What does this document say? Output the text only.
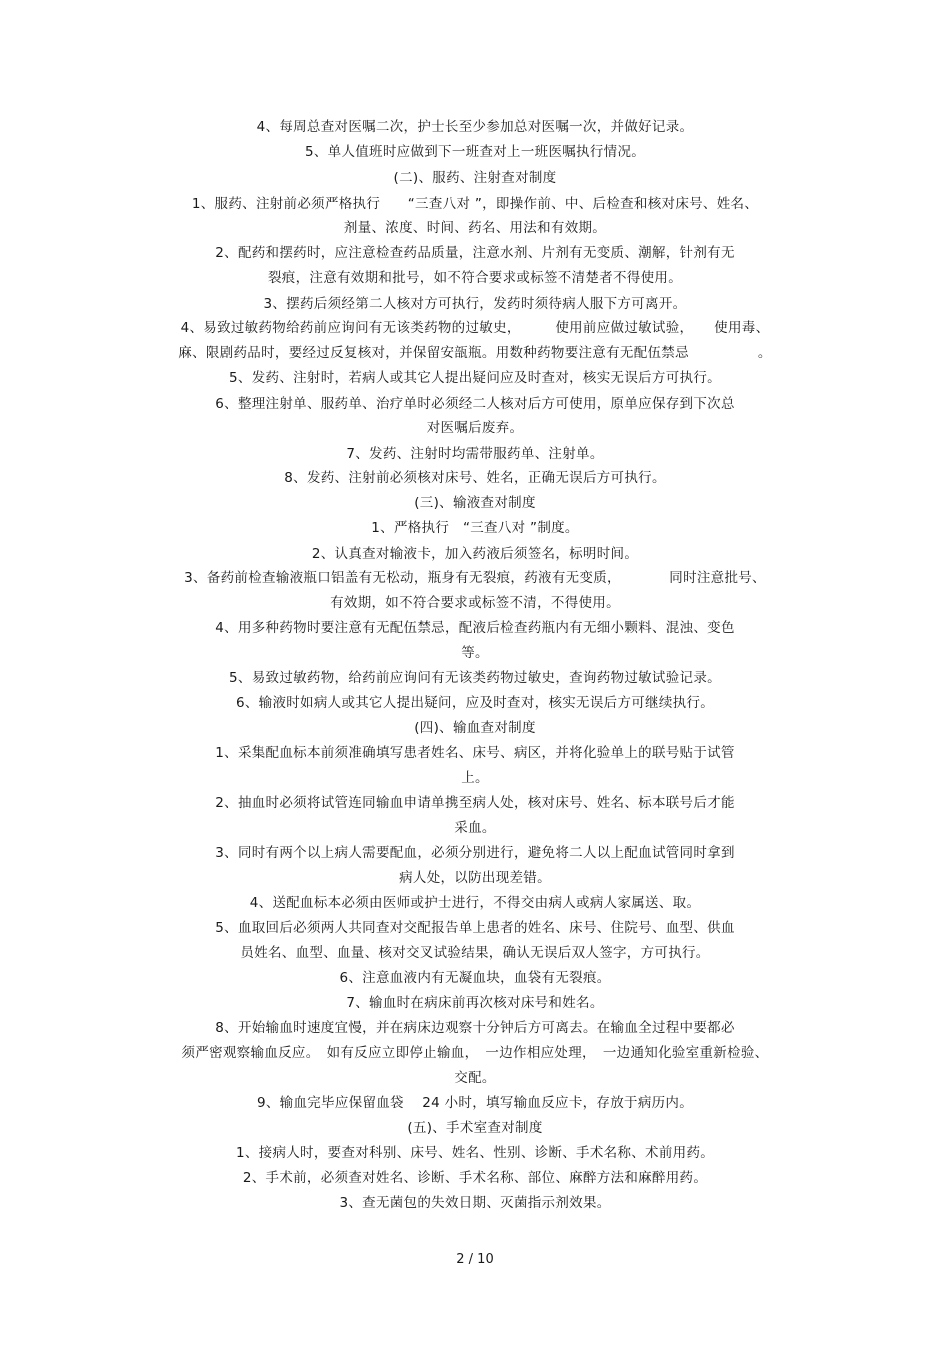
4、每周总查对医嘱二次，护士长至少参加总对医嘱一次，并做好记录。
5、单人值班时应做到下一班查对上一班医嘱执行情况。
(二)、服药、注射查对制度
1、服药、注射前必须严格执行　　“三查八对 ”，即操作前、中、后检查和核对床号、姓名、
剂量、浓度、时间、药名、用法和有效期。
2、配药和摆药时，应注意检查药品质量，注意水剂、片剂有无变质、潮解，针剂有无
裂痕，注意有效期和批号，如不符合要求或标签不清楚者不得使用。
3、摆药后须经第二人核对方可执行，发药时须待病人服下方可离开。
4、易致过敏药物给药前应询问有无该类药物的过敏史，　　　使用前应做过敏试验，　　使用毒、
麻、限剧药品时，要经过反复核对，并保留安瓿瓶。用数种药物要注意有无配伍禁忌　　　　　。
5、发药、注射时，若病人或其它人提出疑问应及时查对，核实无误后方可执行。
6、整理注射单、服药单、治疗单时必须经二人核对后方可使用，原单应保存到下次总
对医嘱后废弃。
7、发药、注射时均需带服药单、注射单。
8、发药、注射前必须核对床号、姓名，正确无误后方可执行。
(三)、输液查对制度
1、严格执行　“三查八对 ”制度。
2、认真查对输液卡，加入药液后须签名，标明时间。
3、备药前检查输液瓶口铝盖有无松动，瓶身有无裂痕，药液有无变质，　　　　同时注意批号、
有效期，如不符合要求或标签不清，不得使用。
4、用多种药物时要注意有无配伍禁忌，配液后检查药瓶内有无细小颗料、混浊、变色
等。
5、易致过敏药物，给药前应询问有无该类药物过敏史，查询药物过敏试验记录。
6、输液时如病人或其它人提出疑问，应及时查对，核实无误后方可继续执行。
(四)、输血查对制度
1、采集配血标本前须准确填写患者姓名、床号、病区，并将化验单上的联号贴于试管
上。
2、抽血时必须将试管连同输血申请单携至病人处，核对床号、姓名、标本联号后才能
采血。
3、同时有两个以上病人需要配血，必须分别进行，避免将二人以上配血试管同时拿到
病人处，以防出现差错。
4、送配血标本必须由医师或护士进行，不得交由病人或病人家属送、取。
5、血取回后必须两人共同查对交配报告单上患者的姓名、床号、住院号、血型、供血
员姓名、血型、血量、核对交叉试验结果，确认无误后双人签字，方可执行。
6、注意血液内有无凝血块，血袋有无裂痕。
7、输血时在病床前再次核对床号和姓名。
8、开始输血时速度宜慢，并在病床边观察十分钟后方可离去。在输血全过程中要都必
须严密观察输血反应。　如有反应立即停止输血，　一边作相应处理，　一边通知化验室重新检验、
交配。
9、输血完毕应保留血袋　 24 小时，填写输血反应卡，存放于病历内。
(五)、手术室查对制度
1、接病人时，要查对科别、床号、姓名、性别、诊断、手术名称、术前用药。
2、手术前，必须查对姓名、诊断、手术名称、部位、麻醉方法和麻醉用药。
3、查无菌包的失效日期、灭菌指示剂效果。
2 / 10
